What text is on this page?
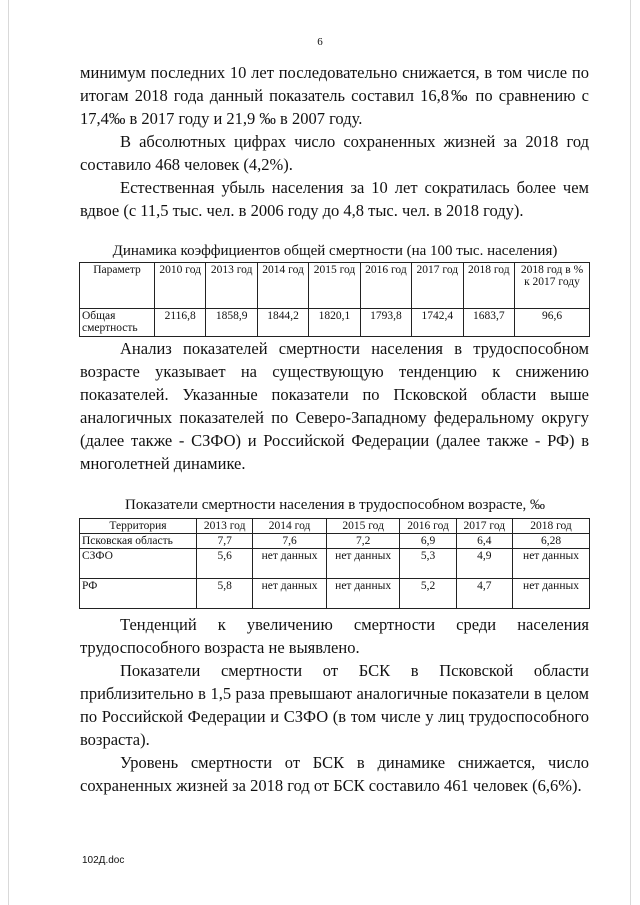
6

минимум последних 10 лет последовательно снижается, в том числе по итогам 2018 года данный показатель составил 16,8‰ по сравнению с 17,4‰ в 2017 году и 21,9 ‰ в 2007 году.

В абсолютных цифрах число сохраненных жизней за 2018 год составило 468 человек (4,2%).

Естественная убыль населения за 10 лет сократилась более чем вдвое (с 11,5 тыс. чел. в 2006 году до 4,8 тыс. чел. в 2018 году).

Динамика коэффициентов общей смертности (на 100 тыс. населения)
Параметр	2010 год	2013 год	2014 год	2015 год	2016 год	2017 год	2018 год	2018 год в % к 2017 году
Общая смертность	2116,8	1858,9	1844,2	1820,1	1793,8	1742,4	1683,7	96,6

Анализ показателей смертности населения в трудоспособном возрасте указывает на существующую тенденцию к снижению показателей. Указанные показатели по Псковской области выше аналогичных показателей по Северо-Западному федеральному округу (далее также - СЗФО) и Российской Федерации (далее также - РФ) в многолетней динамике.

Показатели смертности населения в трудоспособном возрасте, ‰
Территория	2013 год	2014 год	2015 год	2016 год	2017 год	2018 год
Псковская область	7,7	7,6	7,2	6,9	6,4	6,28
СЗФО	5,6	нет данных	нет данных	5,3	4,9	нет данных
РФ	5,8	нет данных	нет данных	5,2	4,7	нет данных

Тенденций к увеличению смертности среди населения трудоспособного возраста не выявлено.

Показатели смертности от БСК в Псковской области приблизительно в 1,5 раза превышают аналогичные показатели в целом по Российской Федерации и СЗФО (в том числе у лиц трудоспособного возраста).

Уровень смертности от БСК в динамике снижается, число сохраненных жизней за 2018 год от БСК составило 461 человек (6,6%).

102Д.doc
